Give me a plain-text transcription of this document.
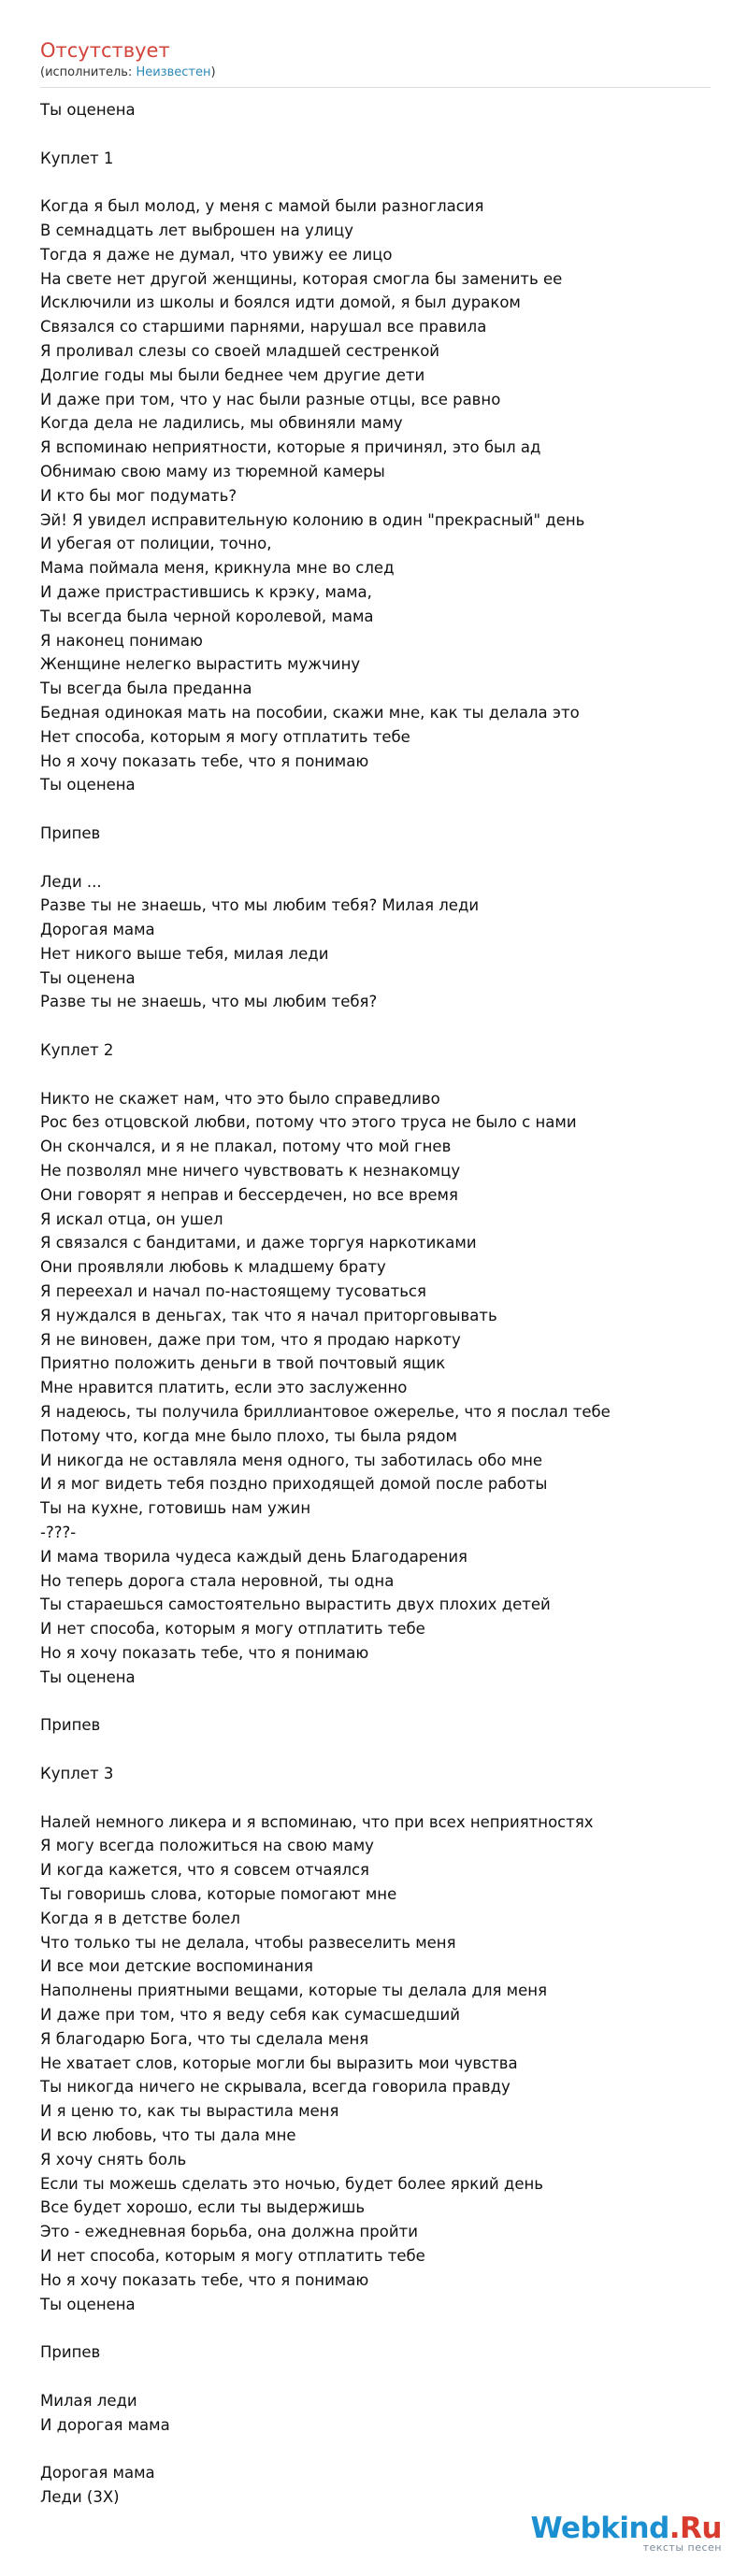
Отсутствует
(исполнитель: Неизвестен)
Ты оценена
Куплет 1
Когда я был молод, у меня с мамой были разногласия
В семнадцать лет выброшен на улицу
Тогда я даже не думал, что увижу ее лицо
На свете нет другой женщины, которая смогла бы заменить ее
Исключили из школы и боялся идти домой, я был дураком
Связался со старшими парнями, нарушал все правила
Я проливал слезы со своей младшей сестренкой
Долгие годы мы были беднее чем другие дети
И даже при том, что у нас были разные отцы, все равно
Когда дела не ладились, мы обвиняли маму
Я вспоминаю неприятности, которые я причинял, это был ад
Обнимаю свою маму из тюремной камеры
И кто бы мог подумать?
Эй! Я увидел исправительную колонию в один "прекрасный" день
И убегая от полиции, точно,
Мама поймала меня, крикнула мне во след
И даже пристрастившись к крэку, мама,
Ты всегда была черной королевой, мама
Я наконец понимаю
Женщине нелегко вырастить мужчину
Ты всегда была преданна
Бедная одинокая мать на пособии, скажи мне, как ты делала это
Нет способа, которым я могу отплатить тебе
Но я хочу показать тебе, что я понимаю
Ты оценена
Припев
Леди ...
Разве ты не знаешь, что мы любим тебя? Милая леди
Дорогая мама
Нет никого выше тебя, милая леди
Ты оценена
Разве ты не знаешь, что мы любим тебя?
Куплет 2
Никто не скажет нам, что это было справедливо
Рос без отцовской любви, потому что этого труса не было с нами
Он скончался, и я не плакал, потому что мой гнев
Не позволял мне ничего чувствовать к незнакомцу
Они говорят я неправ и бессердечен, но все время
Я искал отца, он ушел
Я связался с бандитами, и даже торгуя наркотиками
Они проявляли любовь к младшему брату
Я переехал и начал по-настоящему тусоваться
Я нуждался в деньгах, так что я начал приторговывать
Я не виновен, даже при том, что я продаю наркоту
Приятно положить деньги в твой почтовый ящик
Мне нравится платить, если это заслуженно
Я надеюсь, ты получила бриллиантовое ожерелье, что я послал тебе
Потому что, когда мне было плохо, ты была рядом
И никогда не оставляла меня одного, ты заботилась обо мне
И я мог видеть тебя поздно приходящей домой после работы
Ты на кухне, готовишь нам ужин
-???-
И мама творила чудеса каждый день Благодарения
Но теперь дорога стала неровной, ты одна
Ты стараешься самостоятельно вырастить двух плохих детей
И нет способа, которым я могу отплатить тебе
Но я хочу показать тебе, что я понимаю
Ты оценена
Припев
Куплет 3
Налей немного ликера и я вспоминаю, что при всех неприятностях
Я могу всегда положиться на свою маму
И когда кажется, что я совсем отчаялся
Ты говоришь слова, которые помогают мне
Когда я в детстве болел
Что только ты не делала, чтобы развеселить меня
И все мои детские воспоминания
Наполнены приятными вещами, которые ты делала для меня
И даже при том, что я веду себя как сумасшедший
Я благодарю Бога, что ты сделала меня
Не хватает слов, которые могли бы выразить мои чувства
Ты никогда ничего не скрывала, всегда говорила правду
И я ценю то, как ты вырастила меня
И всю любовь, что ты дала мне
Я хочу снять боль
Если ты можешь сделать это ночью, будет более яркий день
Все будет хорошо, если ты выдержишь
Это - ежедневная борьба, она должна пройти
И нет способа, которым я могу отплатить тебе
Но я хочу показать тебе, что я понимаю
Ты оценена
Припев
Милая леди
И дорогая мама
Дорогая мама
Леди (3Х)
Webkind.Ru
тексты песен
